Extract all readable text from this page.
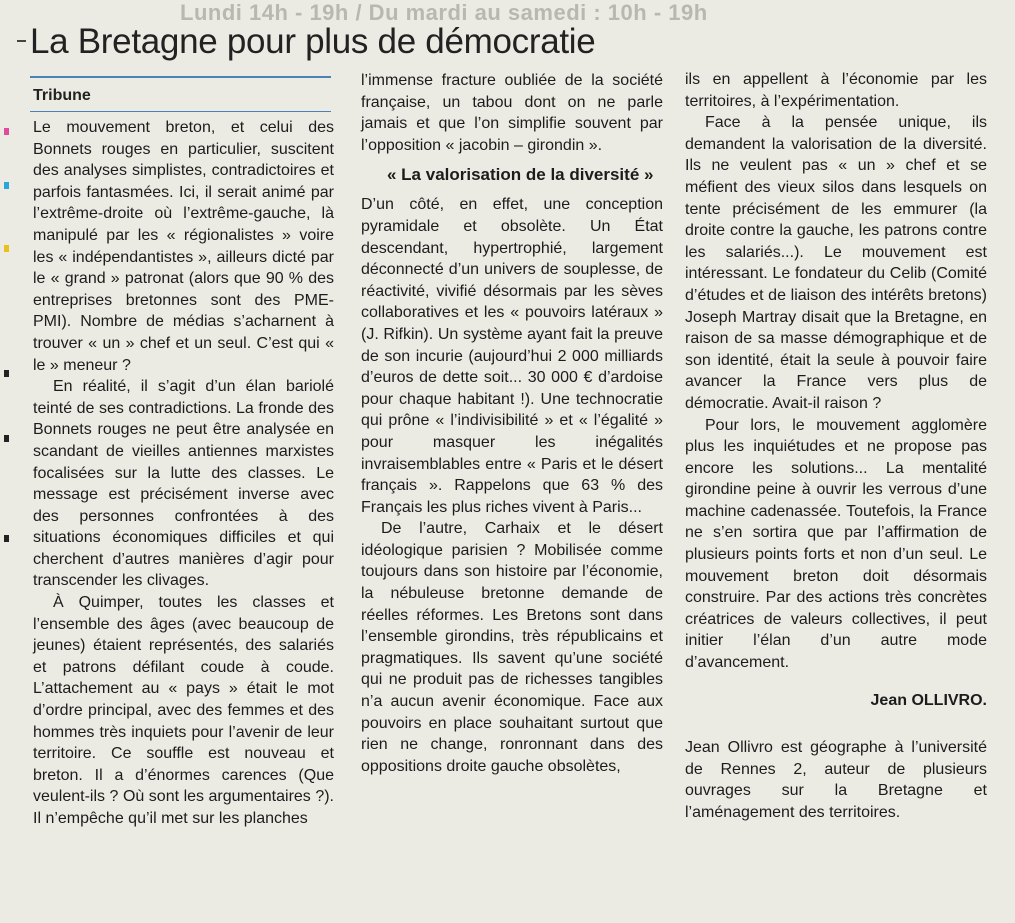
Lundi 14h - 19h / Du mardi au samedi : 10h - 19h
La Bretagne pour plus de démocratie
Tribune

Le mouvement breton, et celui des Bonnets rouges en particulier, suscitent des analyses simplistes, contradictoires et parfois fantasmées. Ici, il serait animé par l’extrême-droite où l’extrême-gauche, là manipulé par les « régionalistes » voire les « indépendantistes », ailleurs dicté par le « grand » patronat (alors que 90 % des entreprises bretonnes sont des PME-PMI). Nombre de médias s’acharnent à trouver « un » chef et un seul. C’est qui « le » meneur ?

En réalité, il s’agit d’un élan bariolé teinté de ses contradictions. La fronde des Bonnets rouges ne peut être analysée en scandant de vieilles antiennes marxistes focalisées sur la lutte des classes. Le message est précisément inverse avec des personnes confrontées à des situations économiques difficiles et qui cherchent d’autres manières d’agir pour transcender les clivages.

À Quimper, toutes les classes et l’ensemble des âges (avec beaucoup de jeunes) étaient représentés, des salariés et patrons défilant coude à coude. L’attachement au « pays » était le mot d’ordre principal, avec des femmes et des hommes très inquiets pour l’avenir de leur territoire. Ce souffle est nouveau et breton. Il a d’énormes carences (Que veulent-ils ? Où sont les argumentaires ?). Il n’empêche qu’il met sur les planches

l’immense fracture oubliée de la société française, un tabou dont on ne parle jamais et que l’on simplifie souvent par l’opposition « jacobin – girondin ».

« La valorisation de la diversité »

D’un côté, en effet, une conception pyramidale et obsolète. Un État descendant, hypertrophié, largement déconnecté d’un univers de souplesse, de réactivité, vivifié désormais par les sèves collaboratives et les « pouvoirs latéraux » (J. Rifkin). Un système ayant fait la preuve de son incurie (aujourd’hui 2 000 milliards d’euros de dette soit... 30 000 € d’ardoise pour chaque habitant !). Une technocratie qui prône « l’indivisibilité » et « l’égalité » pour masquer les inégalités invraisemblables entre « Paris et le désert français ». Rappelons que 63 % des Français les plus riches vivent à Paris...

De l’autre, Carhaix et le désert idéologique parisien ? Mobilisée comme toujours dans son histoire par l’économie, la nébuleuse bretonne demande de réelles réformes. Les Bretons sont dans l’ensemble girondins, très républicains et pragmatiques. Ils savent qu’une société qui ne produit pas de richesses tangibles n’a aucun avenir économique. Face aux pouvoirs en place souhaitant surtout que rien ne change, ronronnant dans des oppositions droite gauche obsolètes,

ils en appellent à l’économie par les territoires, à l’expérimentation.

Face à la pensée unique, ils demandent la valorisation de la diversité. Ils ne veulent pas « un » chef et se méfient des vieux silos dans lesquels on tente précisément de les emmurer (la droite contre la gauche, les patrons contre les salariés...). Le mouvement est intéressant. Le fondateur du Celib (Comité d’études et de liaison des intérêts bretons) Joseph Martray disait que la Bretagne, en raison de sa masse démographique et de son identité, était la seule à pouvoir faire avancer la France vers plus de démocratie. Avait-il raison ?

Pour lors, le mouvement agglomère plus les inquiétudes et ne propose pas encore les solutions... La mentalité girondine peine à ouvrir les verrous d’une machine cadenassée. Toutefois, la France ne s’en sortira que par l’affirmation de plusieurs points forts et non d’un seul. Le mouvement breton doit désormais construire. Par des actions très concrètes créatrices de valeurs collectives, il peut initier l’élan d’un autre mode d’avancement.

Jean OLLIVRO.

Jean Ollivro est géographe à l’université de Rennes 2, auteur de plusieurs ouvrages sur la Bretagne et l’aménagement des territoires.
